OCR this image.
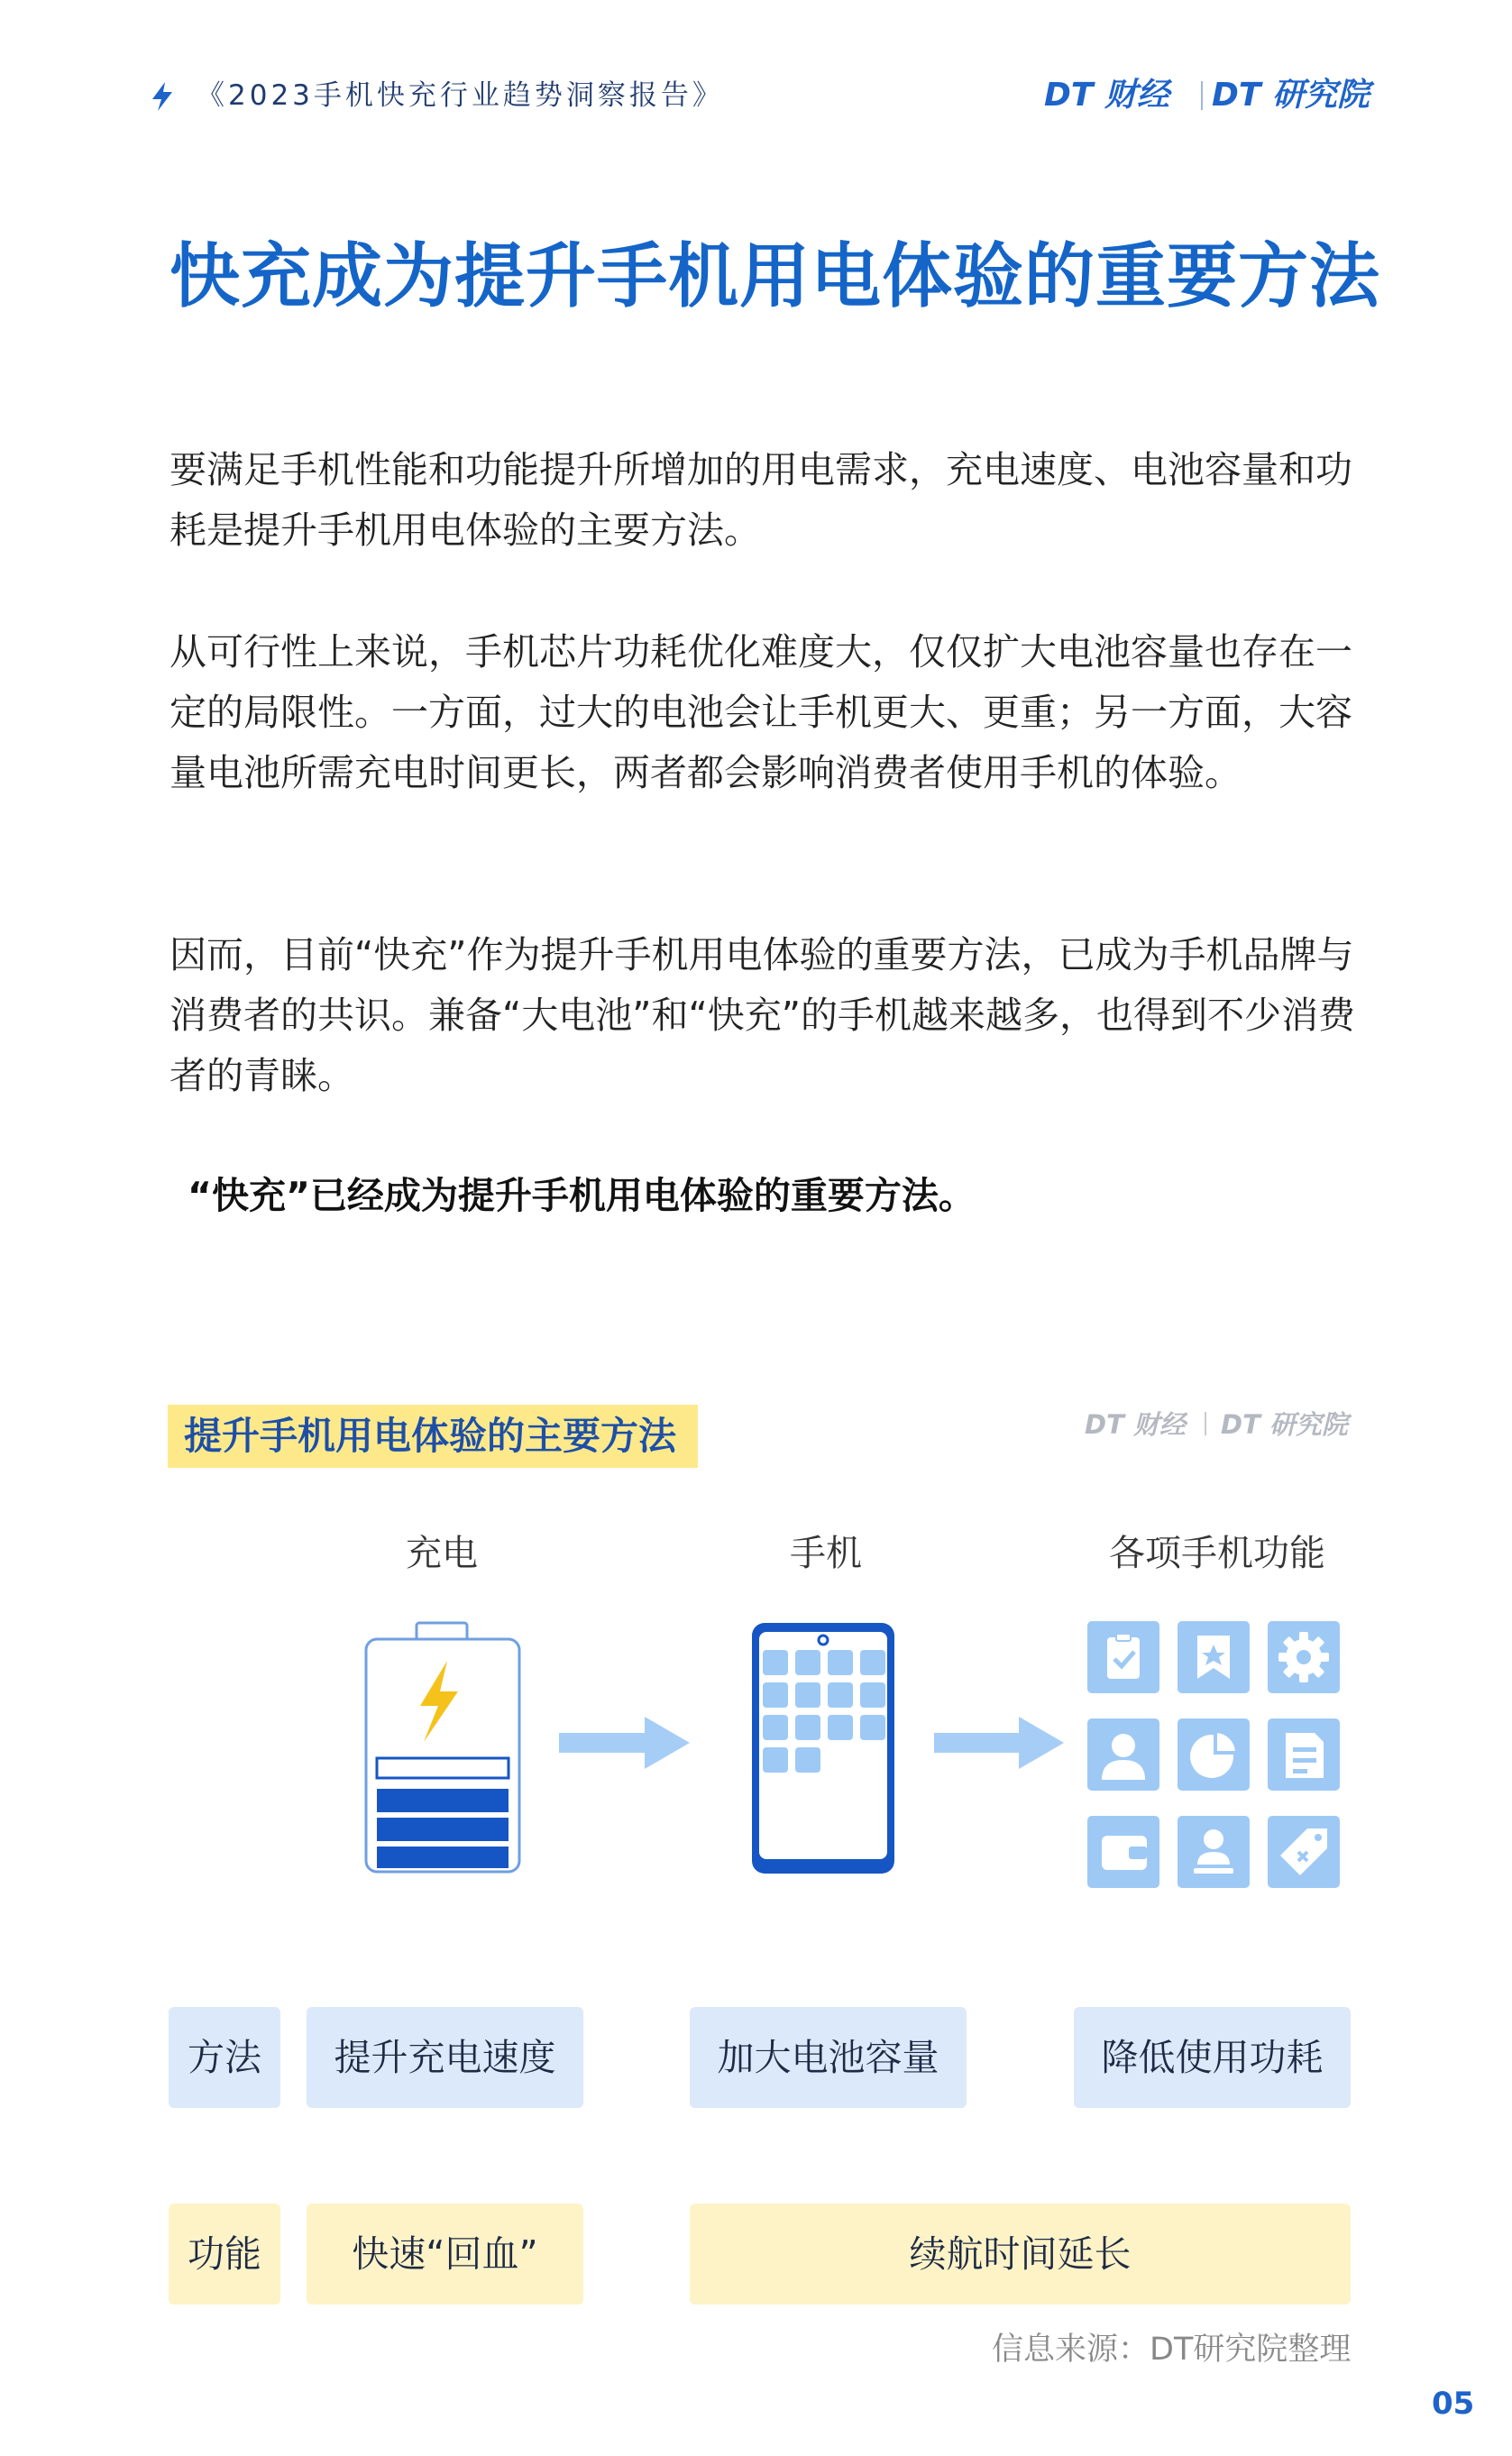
《2023手机快充行业趋势洞察报告》	DT 财经 DT 研究院
快充成为提升手机用电体验的重要方法
要满足手机性能和功能提升所增加的用电需求，充电速度、电池容量和功耗是提升手机用电体验的主要方法。
从可行性上来说，手机芯片功耗优化难度大，仅仅扩大电池容量也存在一定的局限性。一方面，过大的电池会让手机更大、更重；另一方面，大容量电池所需充电时间更长，两者都会影响消费者使用手机的体验。
因而，目前“快充”作为提升手机用电体验的重要方法，已成为手机品牌与消费者的共识。兼备“大电池”和“快充”的手机越来越多，也得到不少消费者的青睐。
“快充”已经成为提升手机用电体验的重要方法。
提升手机用电体验的主要方法	DT 财经 DT 研究院
充电	手机	各项手机功能
方法	提升充电速度	加大电池容量	降低使用功耗
功能	快速“回血”	续航时间延长
信息来源：DT研究院整理
05
